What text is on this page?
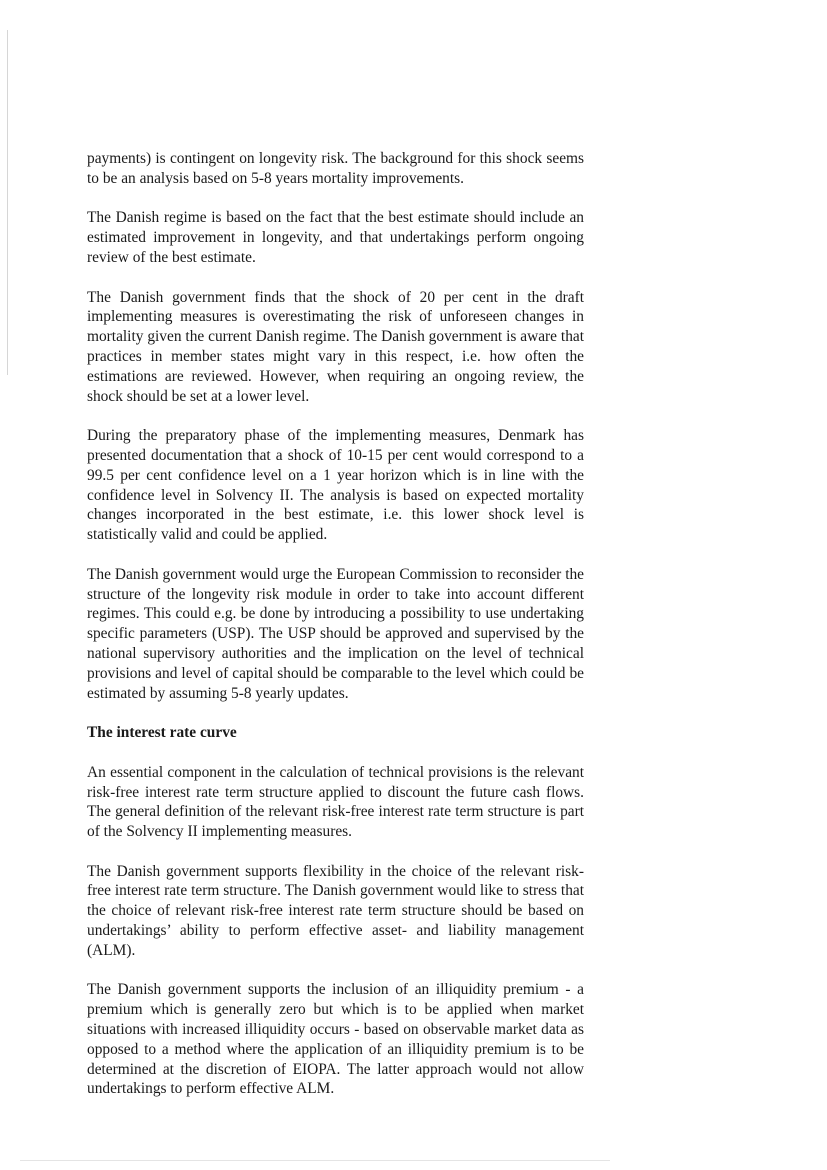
payments) is contingent on longevity risk. The background for this shock seems to be an analysis based on 5-8 years mortality improvements.

The Danish regime is based on the fact that the best estimate should include an estimated improvement in longevity, and that undertakings perform ongoing review of the best estimate.

The Danish government finds that the shock of 20 per cent in the draft implementing measures is overestimating the risk of unforeseen changes in mortality given the current Danish regime. The Danish government is aware that practices in member states might vary in this respect, i.e. how often the estimations are reviewed. However, when requiring an ongoing review, the shock should be set at a lower level.

During the preparatory phase of the implementing measures, Denmark has presented documentation that a shock of 10-15 per cent would correspond to a 99.5 per cent confidence level on a 1 year horizon which is in line with the confidence level in Solvency II. The analysis is based on expected mortality changes incorporated in the best estimate, i.e. this lower shock level is statistically valid and could be applied.

The Danish government would urge the European Commission to reconsider the structure of the longevity risk module in order to take into account different regimes. This could e.g. be done by introducing a possibility to use undertaking specific parameters (USP). The USP should be approved and supervised by the national supervisory authorities and the implication on the level of technical provisions and level of capital should be comparable to the level which could be estimated by assuming 5-8 yearly updates.

The interest rate curve

An essential component in the calculation of technical provisions is the relevant risk-free interest rate term structure applied to discount the future cash flows. The general definition of the relevant risk-free interest rate term structure is part of the Solvency II implementing measures.

The Danish government supports flexibility in the choice of the relevant risk-free interest rate term structure. The Danish government would like to stress that the choice of relevant risk-free interest rate term structure should be based on undertakings’ ability to perform effective asset- and liability management (ALM).

The Danish government supports the inclusion of an illiquidity premium - a premium which is generally zero but which is to be applied when market situations with increased illiquidity occurs - based on observable market data as opposed to a method where the application of an illiquidity premium is to be determined at the discretion of EIOPA. The latter approach would not allow undertakings to perform effective ALM.
